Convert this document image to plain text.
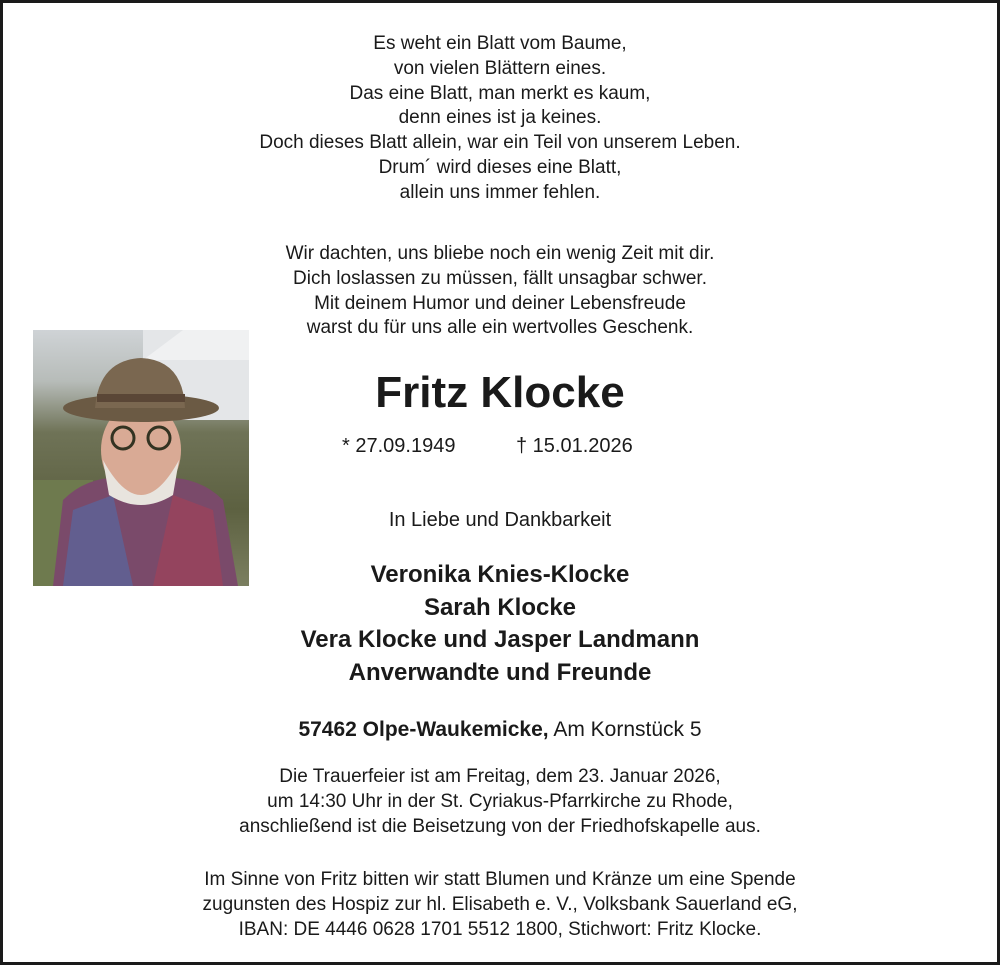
Es weht ein Blatt vom Baume,
von vielen Blättern eines.
Das eine Blatt, man merkt es kaum,
denn eines ist ja keines.
Doch dieses Blatt allein, war ein Teil von unserem Leben.
Drum´ wird dieses eine Blatt,
allein uns immer fehlen.
Wir dachten, uns bliebe noch ein wenig Zeit mit dir.
Dich loslassen zu müssen, fällt unsagbar schwer.
Mit deinem Humor und deiner Lebensfreude
warst du für uns alle ein wertvolles Geschenk.
Fritz Klocke
* 27.09.1949	† 15.01.2026
In Liebe und Dankbarkeit
Veronika Knies-Klocke
Sarah Klocke
Vera Klocke und Jasper Landmann
Anverwandte und Freunde
57462 Olpe-Waukemicke, Am Kornstück 5
Die Trauerfeier ist am Freitag, dem 23. Januar 2026,
um 14:30 Uhr in der St. Cyriakus-Pfarrkirche zu Rhode,
anschließend ist die Beisetzung von der Friedhofskapelle aus.
Im Sinne von Fritz bitten wir statt Blumen und Kränze um eine Spende
zugunsten des Hospiz zur hl. Elisabeth e. V., Volksbank Sauerland eG,
IBAN: DE 4446 0628 1701 5512 1800, Stichwort: Fritz Klocke.
